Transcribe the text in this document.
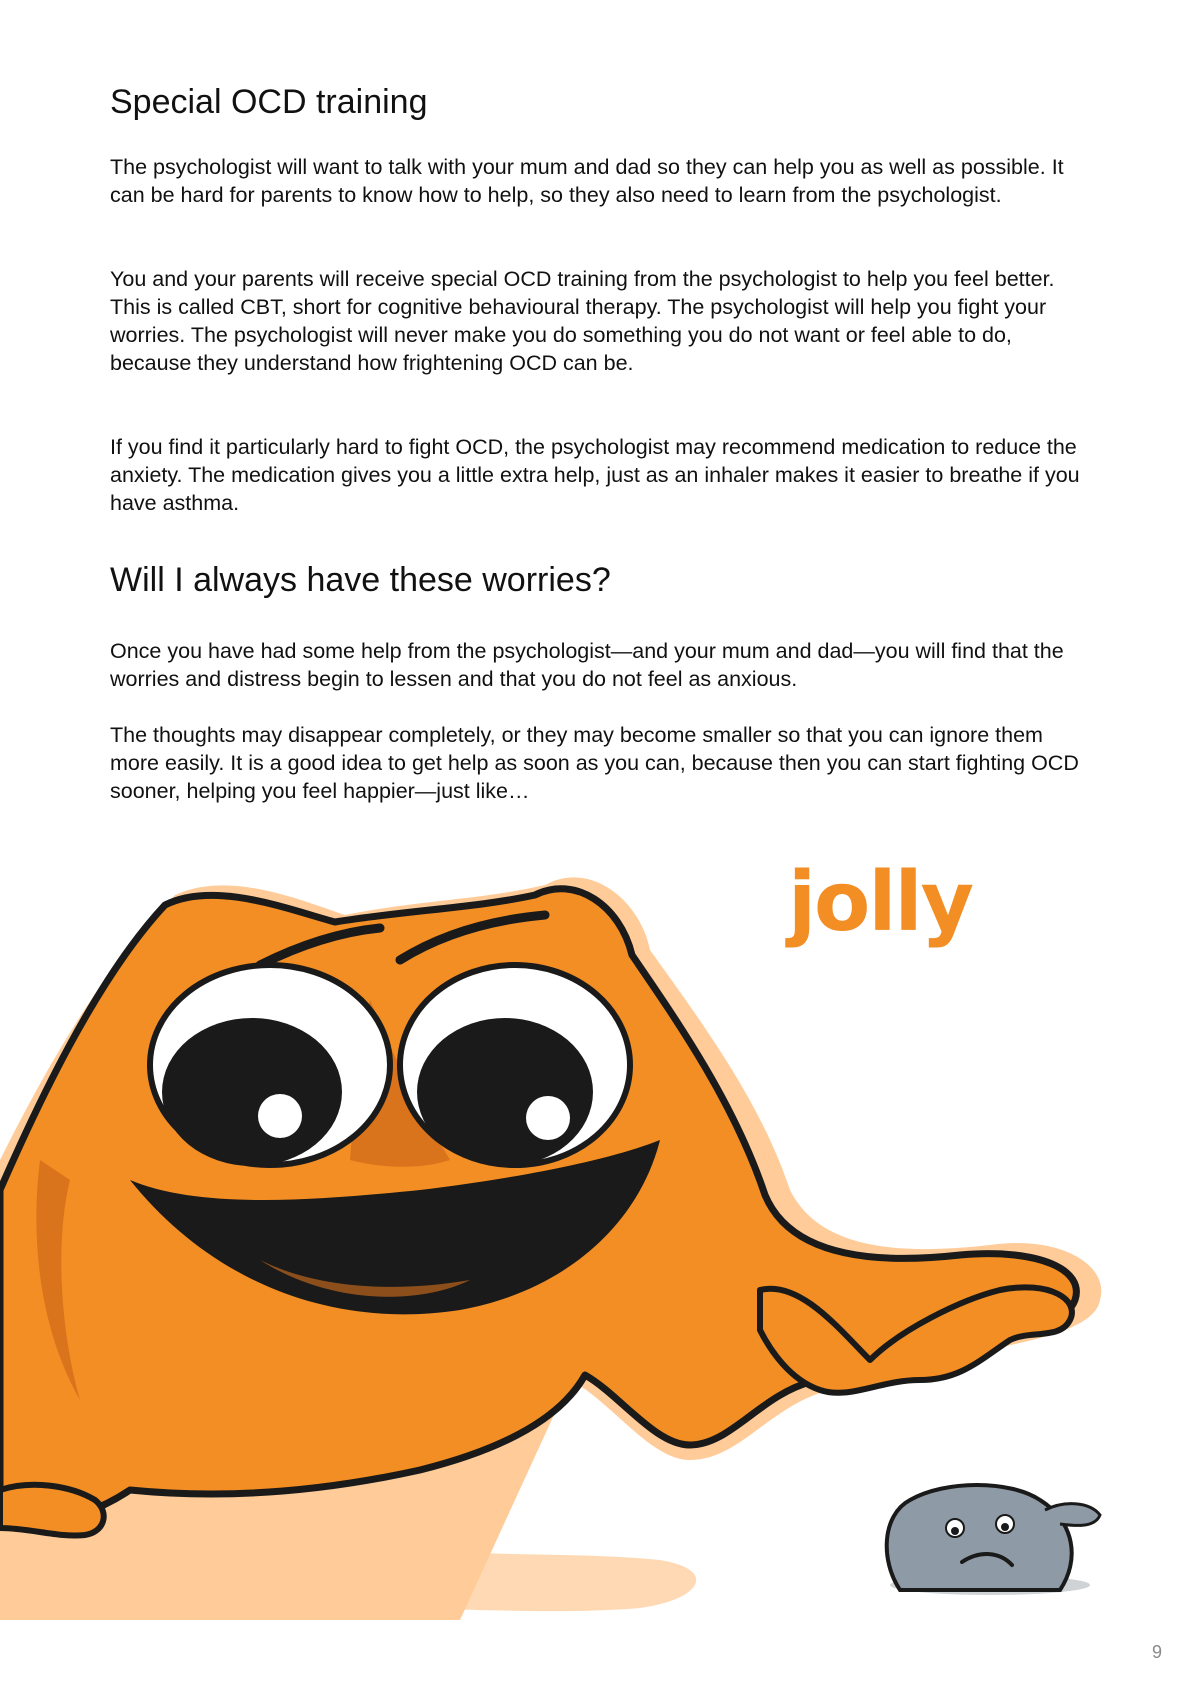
Special OCD training

The psychologist will want to talk with your mum and dad so they can help you as well as possible. It can be hard for parents to know how to help, so they also need to learn from the psychologist.

You and your parents will receive special OCD training from the psychologist to help you feel better. This is called CBT, short for cognitive behavioural therapy. The psychologist will help you fight your worries. The psychologist will never make you do something you do not want or feel able to do, because they understand how frightening OCD can be.

If you find it particularly hard to fight OCD, the psychologist may recommend medication to reduce the anxiety. The medication gives you a little extra help, just as an inhaler makes it easier to breathe if you have asthma.

Will I always have these worries?

Once you have had some help from the psychologist—and your mum and dad—you will find that the worries and distress begin to lessen and that you do not feel as anxious.

The thoughts may disappear completely, or they may become smaller so that you can ignore them more easily. It is a good idea to get help as soon as you can, because then you can start fighting OCD sooner, helping you feel happier—just like…

jolly
9
